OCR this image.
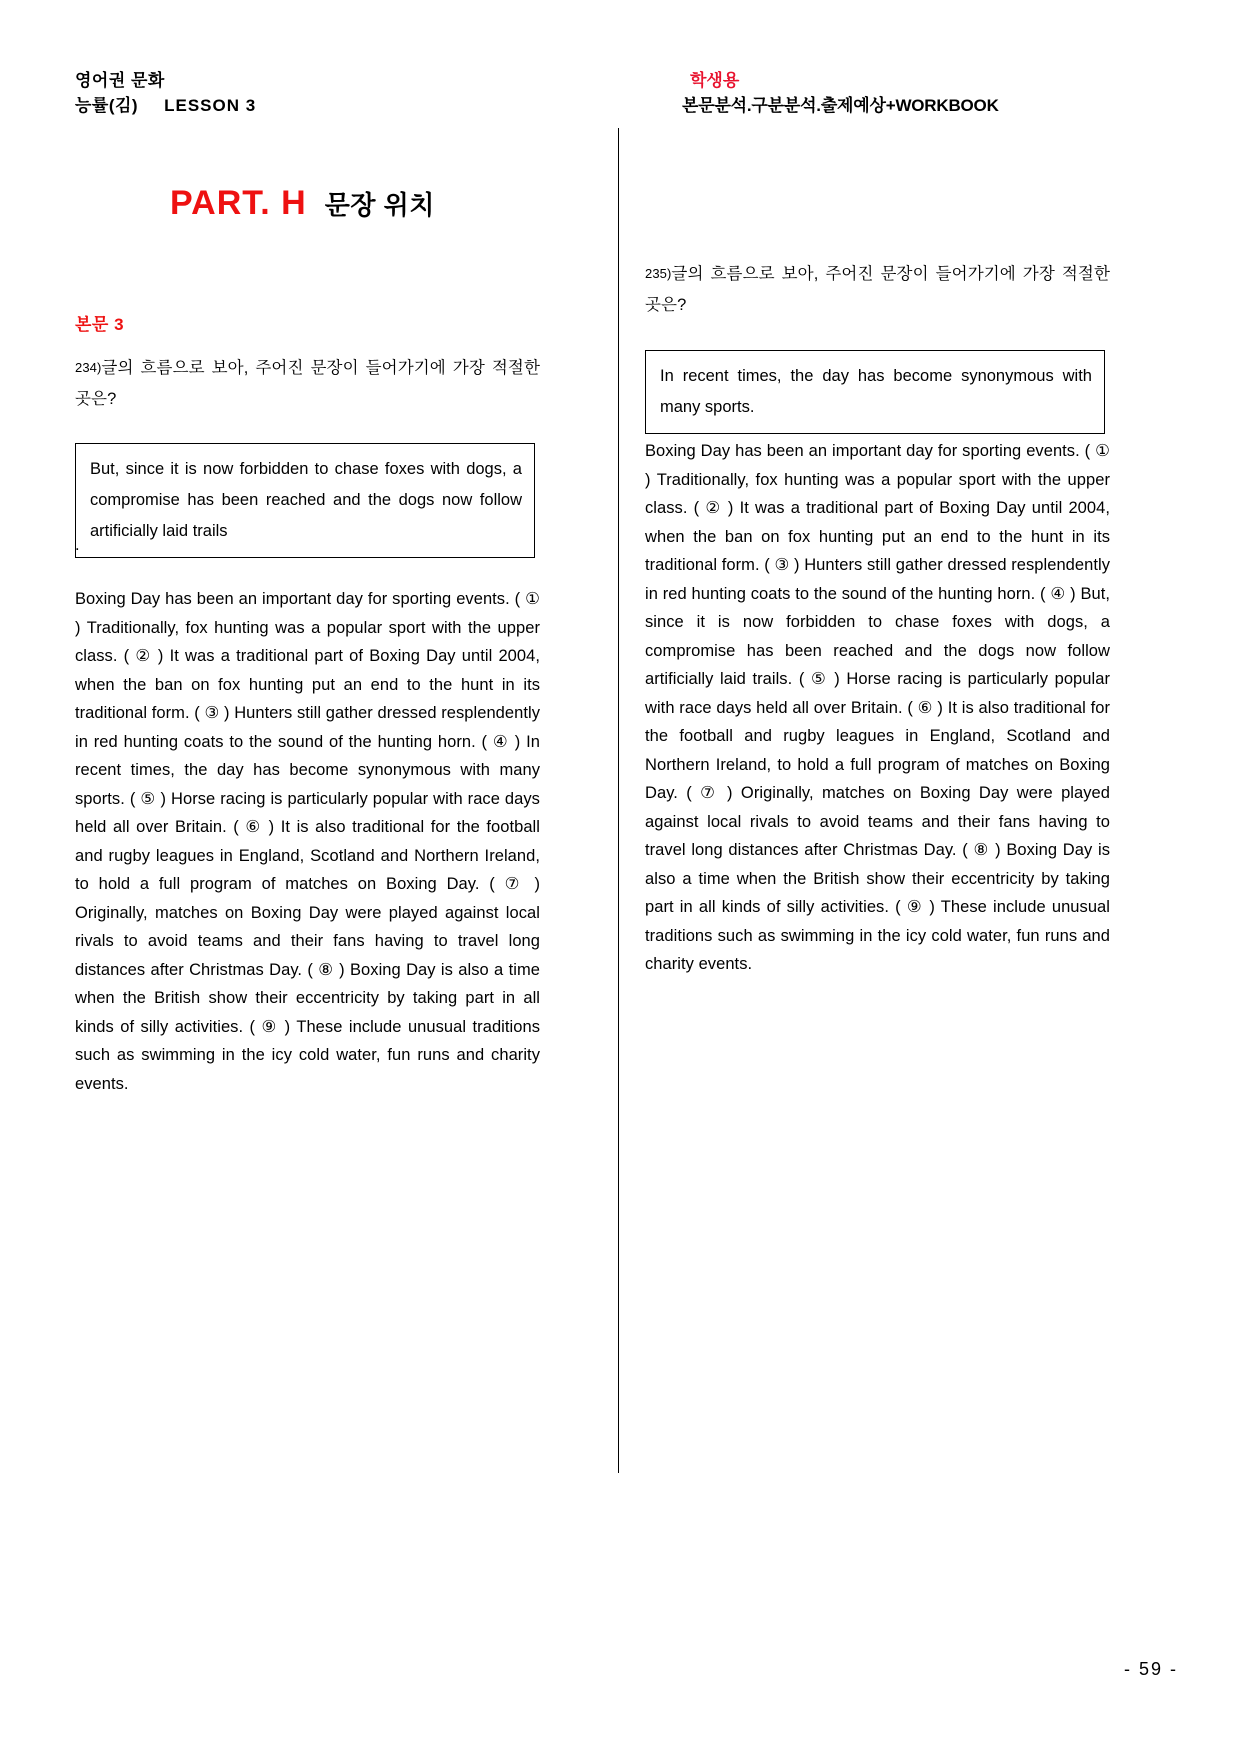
영어권 문화
능률(김) LESSON 3
학생용
본문분석.구분분석.출제예상+WORKBOOK
PART. H 문장 위치
본문 3
234)글의 흐름으로 보아, 주어진 문장이 들어가기에 가장 적절한 곳은?
But, since it is now forbidden to chase foxes with dogs, a compromise has been reached and the dogs now follow artificially laid trails
.
Boxing Day has been an important day for sporting events. ( ① ) Traditionally, fox hunting was a popular sport with the upper class. ( ② ) It was a traditional part of Boxing Day until 2004, when the ban on fox hunting put an end to the hunt in its traditional form. ( ③ ) Hunters still gather dressed resplendently in red hunting coats to the sound of the hunting horn. ( ④ ) In recent times, the day has become synonymous with many sports. ( ⑤ ) Horse racing is particularly popular with race days held all over Britain. ( ⑥ ) It is also traditional for the football and rugby leagues in England, Scotland and Northern Ireland, to hold a full program of matches on Boxing Day. ( ⑦ ) Originally, matches on Boxing Day were played against local rivals to avoid teams and their fans having to travel long distances after Christmas Day. ( ⑧ ) Boxing Day is also a time when the British show their eccentricity by taking part in all kinds of silly activities. ( ⑨ ) These include unusual traditions such as swimming in the icy cold water, fun runs and charity events.
235)글의 흐름으로 보아, 주어진 문장이 들어가기에 가장 적절한 곳은?
In recent times, the day has become synonymous with many sports.
Boxing Day has been an important day for sporting events. ( ① ) Traditionally, fox hunting was a popular sport with the upper class. ( ② ) It was a traditional part of Boxing Day until 2004, when the ban on fox hunting put an end to the hunt in its traditional form. ( ③ ) Hunters still gather dressed resplendently in red hunting coats to the sound of the hunting horn. ( ④ ) But, since it is now forbidden to chase foxes with dogs, a compromise has been reached and the dogs now follow artificially laid trails. ( ⑤ ) Horse racing is particularly popular with race days held all over Britain. ( ⑥ ) It is also traditional for the football and rugby leagues in England, Scotland and Northern Ireland, to hold a full program of matches on Boxing Day. ( ⑦ ) Originally, matches on Boxing Day were played against local rivals to avoid teams and their fans having to travel long distances after Christmas Day. ( ⑧ ) Boxing Day is also a time when the British show their eccentricity by taking part in all kinds of silly activities. ( ⑨ ) These include unusual traditions such as swimming in the icy cold water, fun runs and charity events.
- 59 -
